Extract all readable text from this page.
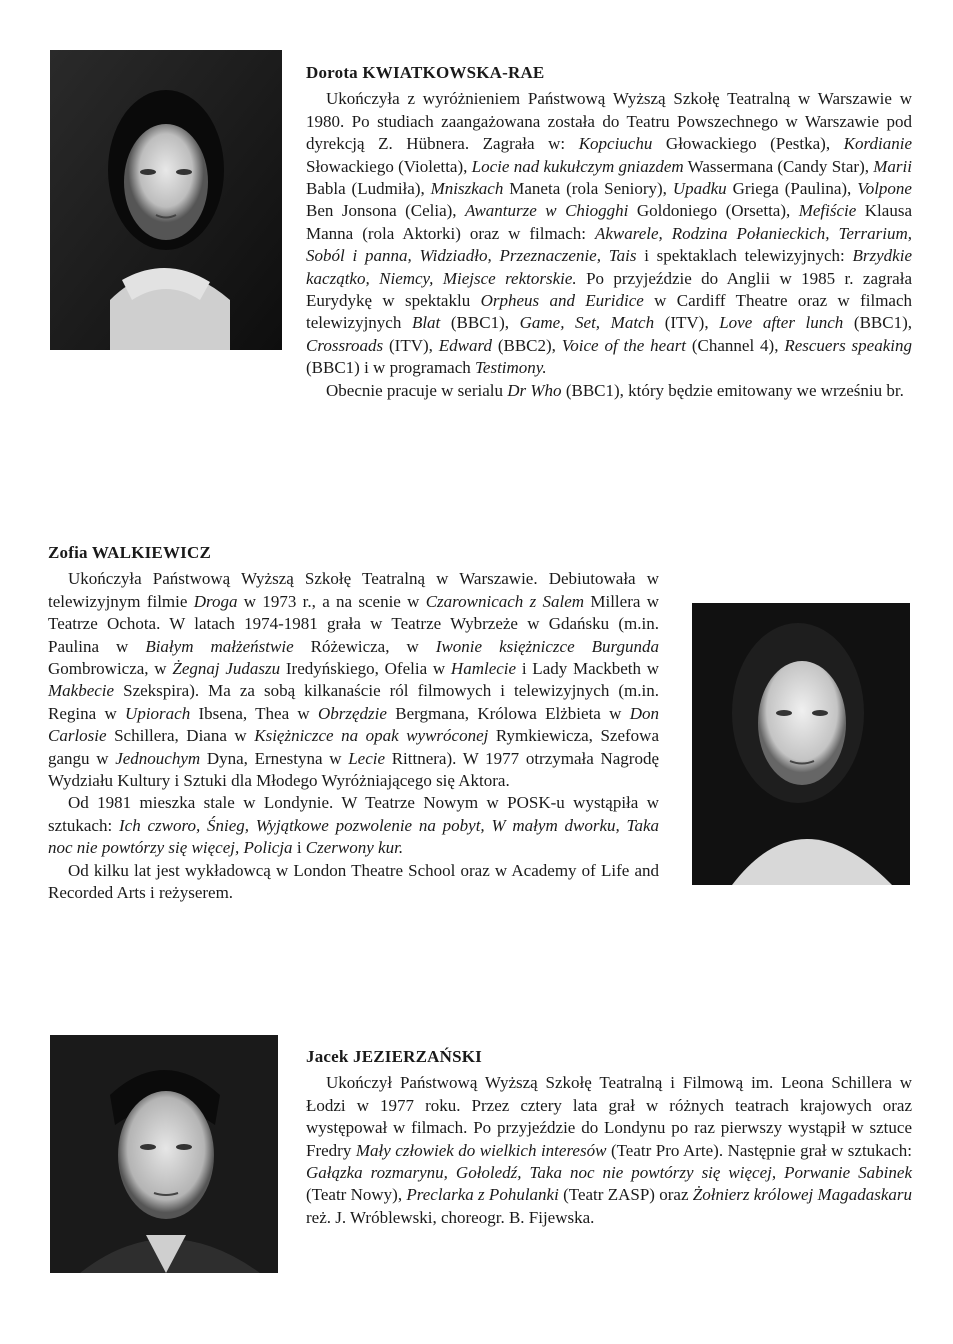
Dorota KWIATKOWSKA-RAE

Ukończyła z wyróżnieniem Państwową Wyższą Szkołę Teatralną w Warszawie w 1980. Po studiach zaangażowana została do Teatru Powszechnego w Warszawie pod dyrekcją Z. Hübnera. Zagrała w: Kopciuchu Głowackiego (Pestka), Kordianie Słowackiego (Violetta), Locie nad kukułczym gniazdem Wassermana (Candy Star), Marii Babla (Ludmiła), Mniszkach Maneta (rola Seniory), Upadku Griega (Paulina), Volpone Ben Jonsona (Celia), Awanturze w Chiogghi Goldoniego (Orsetta), Mefiście Klausa Manna (rola Aktorki) oraz w filmach: Akwarele, Rodzina Połanieckich, Terrarium, Soból i panna, Widziadło, Przeznaczenie, Tais i spektaklach telewizyjnych: Brzydkie kaczątko, Niemcy, Miejsce rektorskie. Po przyjeździe do Anglii w 1985 r. zagrała Eurydykę w spektaklu Orpheus and Euridice w Cardiff Theatre oraz w filmach telewizyjnych Blat (BBC1), Game, Set, Match (ITV), Love after lunch (BBC1), Crossroads (ITV), Edward (BBC2), Voice of the heart (Channel 4), Rescuers speaking (BBC1) i w programach Testimony.

Obecnie pracuje w serialu Dr Who (BBC1), który będzie emitowany we wrześniu br.

Zofia WALKIEWICZ

Ukończyła Państwową Wyższą Szkołę Teatralną w Warszawie. Debiutowała w telewizyjnym filmie Droga w 1973 r., a na scenie w Czarownicach z Salem Millera w Teatrze Ochota. W latach 1974-1981 grała w Teatrze Wybrzeże w Gdańsku (m.in. Paulina w Białym małżeństwie Różewicza, w Iwonie księżniczce Burgunda Gombrowicza, w Żegnaj Judaszu Iredyńskiego, Ofelia w Hamlecie i Lady Mackbeth w Makbecie Szekspira). Ma za sobą kilkanaście ról filmowych i telewizyjnych (m.in. Regina w Upiorach Ibsena, Thea w Obrzędzie Bergmana, Królowa Elżbieta w Don Carlosie Schillera, Diana w Księżniczce na opak wywróconej Rymkiewicza, Szefowa gangu w Jednouchym Dyna, Ernestyna w Lecie Rittnera). W 1977 otrzymała Nagrodę Wydziału Kultury i Sztuki dla Młodego Wyróżniającego się Aktora.

Od 1981 mieszka stale w Londynie. W Teatrze Nowym w POSK-u wystąpiła w sztukach: Ich czworo, Śnieg, Wyjątkowe pozwolenie na pobyt, W małym dworku, Taka noc nie powtórzy się więcej, Policja i Czerwony kur.

Od kilku lat jest wykładowcą w London Theatre School oraz w Academy of Life and Recorded Arts i reżyserem.

Jacek JEZIERZAŃSKI

Ukończył Państwową Wyższą Szkołę Teatralną i Filmową im. Leona Schillera w Łodzi w 1977 roku. Przez cztery lata grał w różnych teatrach krajowych oraz występował w filmach. Po przyjeździe do Londynu po raz pierwszy wystąpił w sztuce Fredry Mały człowiek do wielkich interesów (Teatr Pro Arte). Następnie grał w sztukach: Gałązka rozmarynu, Gołoledź, Taka noc nie powtórzy się więcej, Porwanie Sabinek (Teatr Nowy), Preclarka z Pohulanki (Teatr ZASP) oraz Żołnierz królowej Magadaskaru reż. J. Wróblewski, choreogr. B. Fijewska.
